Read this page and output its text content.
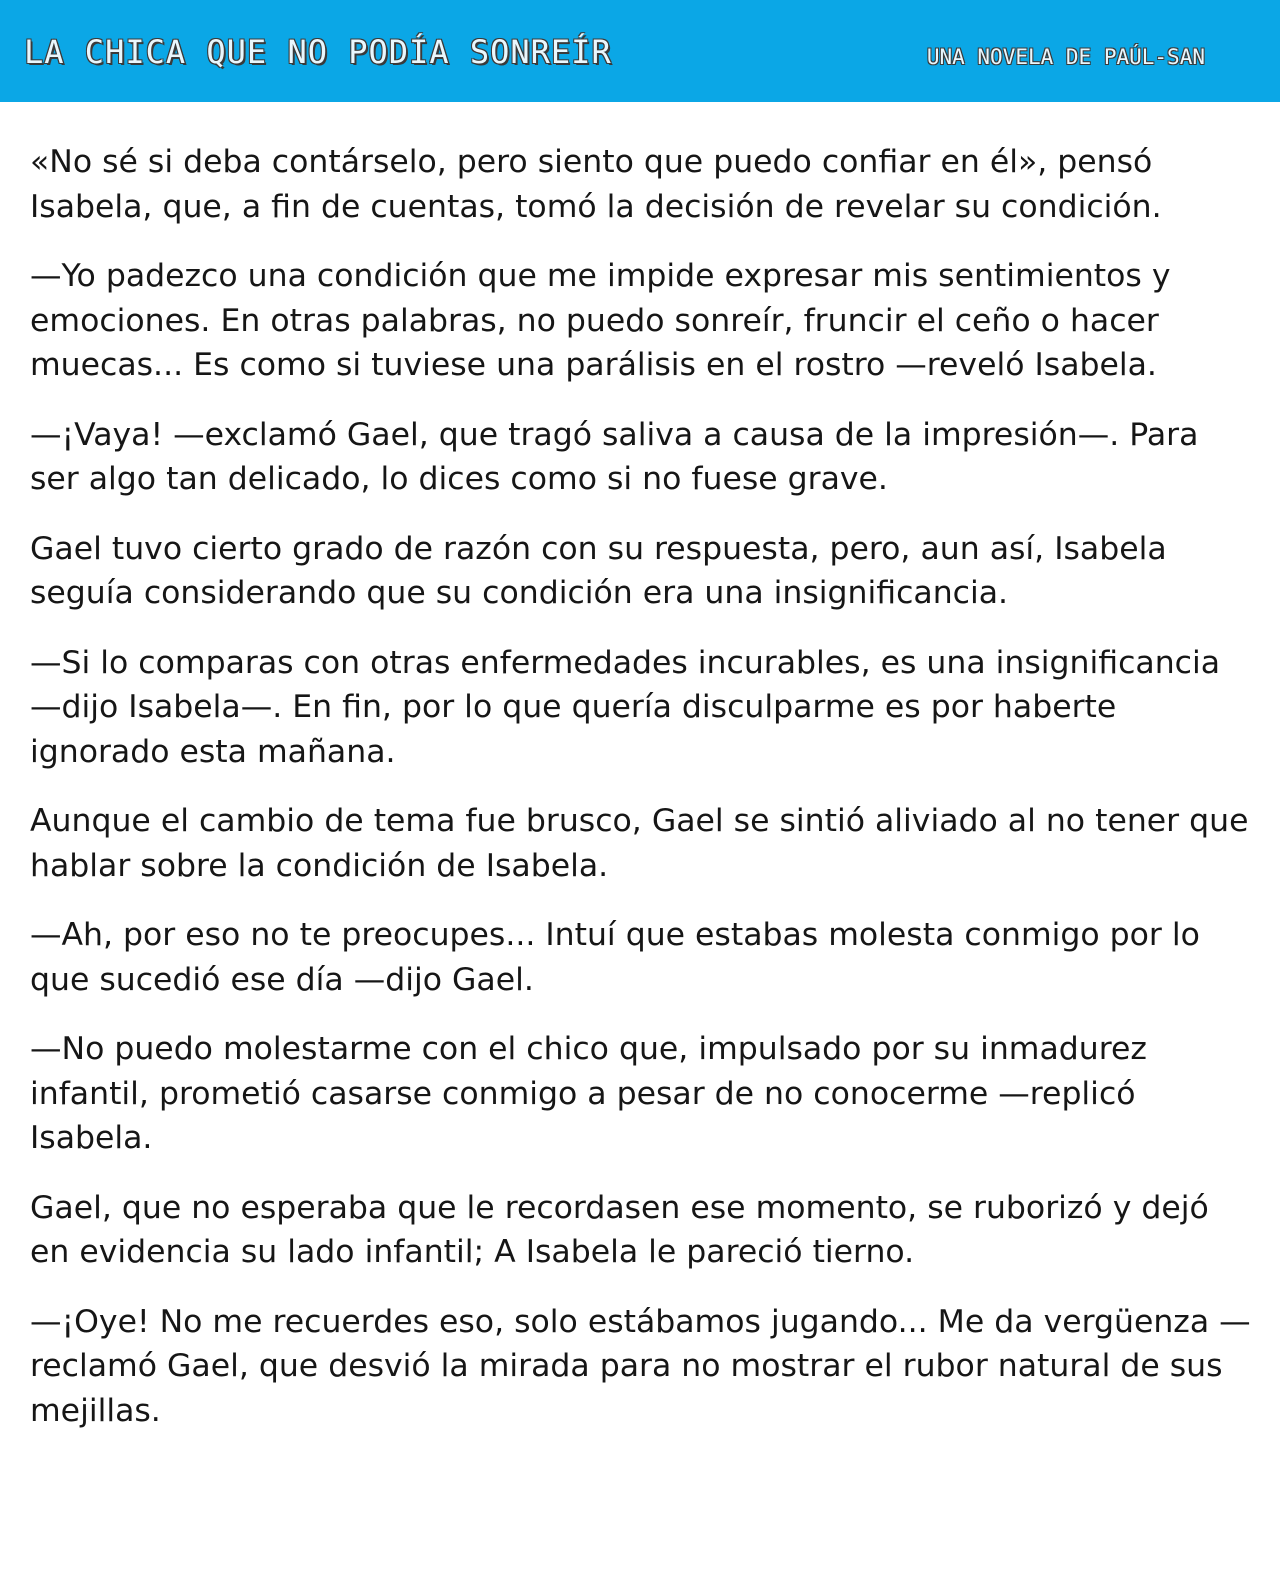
LA CHICA QUE NO PODÍA SONREÍR	UNA NOVELA DE PAÚL-SAN

«No sé si deba contárselo, pero siento que puedo confiar en él», pensó Isabela, que, a fin de cuentas, tomó la decisión de revelar su condición.

—Yo padezco una condición que me impide expresar mis sentimientos y emociones. En otras palabras, no puedo sonreír, fruncir el ceño o hacer muecas... Es como si tuviese una parálisis en el rostro —reveló Isabela.

—¡Vaya! —exclamó Gael, que tragó saliva a causa de la impresión—. Para ser algo tan delicado, lo dices como si no fuese grave.

Gael tuvo cierto grado de razón con su respuesta, pero, aun así, Isabela seguía considerando que su condición era una insignificancia.

—Si lo comparas con otras enfermedades incurables, es una insignificancia —dijo Isabela—. En fin, por lo que quería disculparme es por haberte ignorado esta mañana.

Aunque el cambio de tema fue brusco, Gael se sintió aliviado al no tener que hablar sobre la condición de Isabela.

—Ah, por eso no te preocupes... Intuí que estabas molesta conmigo por lo que sucedió ese día —dijo Gael.

—No puedo molestarme con el chico que, impulsado por su inmadurez infantil, prometió casarse conmigo a pesar de no conocerme —replicó Isabela.

Gael, que no esperaba que le recordasen ese momento, se ruborizó y dejó en evidencia su lado infantil; A Isabela le pareció tierno.

—¡Oye! No me recuerdes eso, solo estábamos jugando... Me da vergüenza —reclamó Gael, que desvió la mirada para no mostrar el rubor natural de sus mejillas.
